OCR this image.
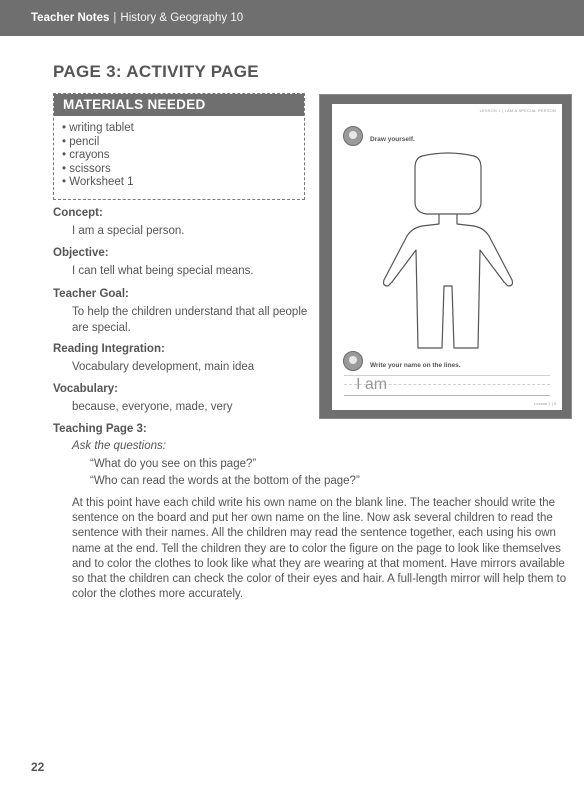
Teacher Notes | History & Geography 10
PAGE 3: ACTIVITY PAGE
MATERIALS NEEDED
• writing tablet
• pencil
• crayons
• scissors
• Worksheet 1
Concept:
I am a special person.
Objective:
I can tell what being special means.
Teacher Goal:
To help the children understand that all people are special.
Reading Integration:
Vocabulary development, main idea
Vocabulary:
because, everyone, made, very
Teaching Page 3:
Ask the questions:
“What do you see on this page?”
“Who can read the words at the bottom of the page?”
At this point have each child write his own name on the blank line. The teacher should write the sentence on the board and put her own name on the line. Now ask several children to read the sentence with their names. All the children may read the sentence together, each using his own name at the end. Tell the children they are to color the figure on the page to look like themselves and to color the clothes to look like what they are wearing at that moment. Have mirrors available so that the children can check the color of their eyes and hair. A full-length mirror will help them to color the clothes more accurately.
LESSON 1 | I AM A SPECIAL PERSON
Draw yourself.
Write your name on the lines.
I am
Lesson 1 | 3
22
